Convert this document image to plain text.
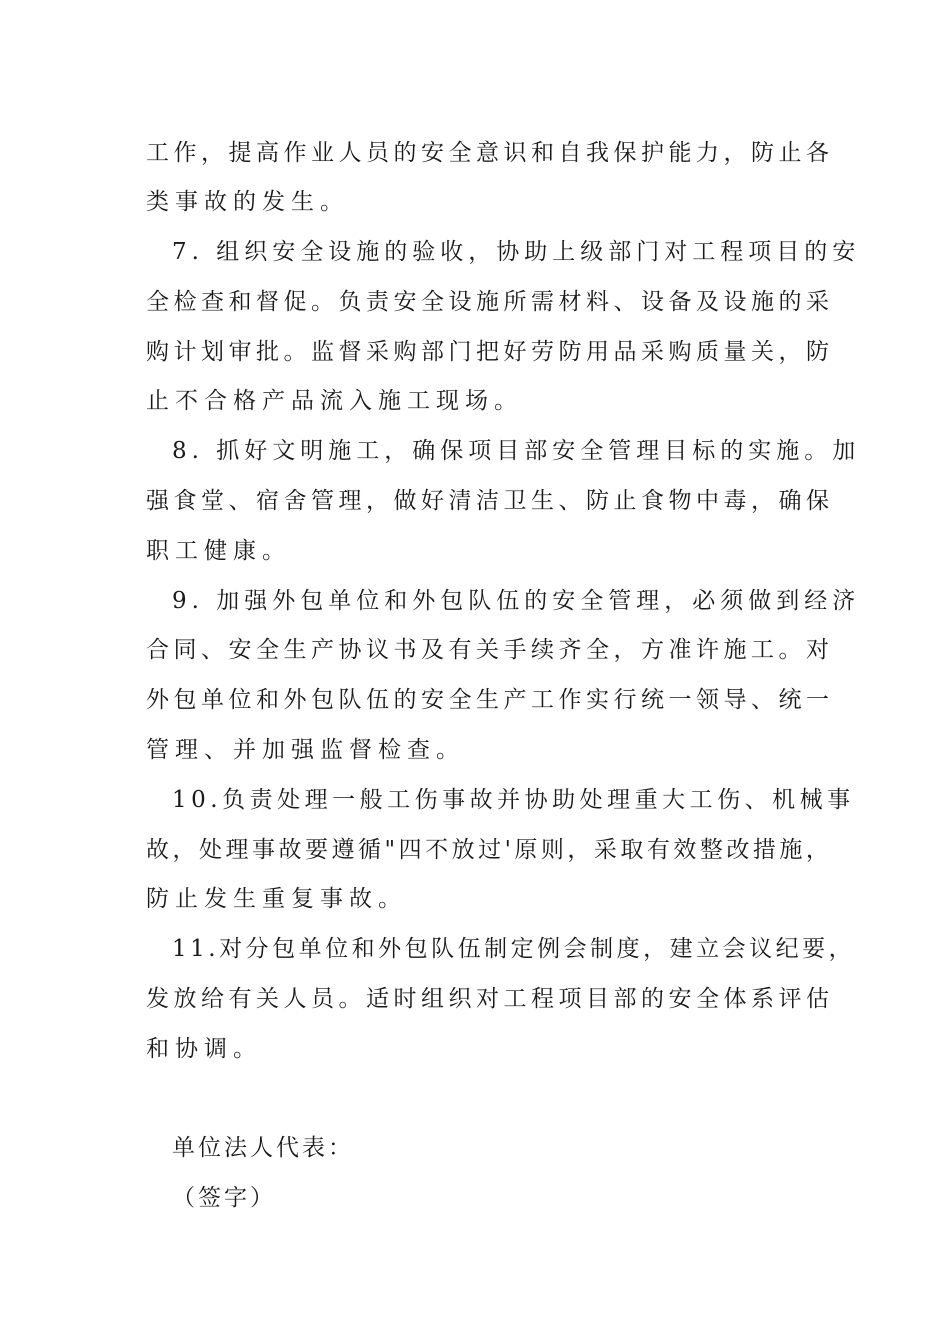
工作，提高作业人员的安全意识和自我保护能力，防止各
类事故的发生。
7. 组织安全设施的验收，协助上级部门对工程项目的安
全检查和督促。负责安全设施所需材料、设备及设施的采
购计划审批。监督采购部门把好劳防用品采购质量关，防
止不合格产品流入施工现场。
8. 抓好文明施工，确保项目部安全管理目标的实施。加
强食堂、宿舍管理，做好清洁卫生、防止食物中毒，确保
职工健康。
9. 加强外包单位和外包队伍的安全管理，必须做到经济
合同、安全生产协议书及有关手续齐全，方准许施工。对
外包单位和外包队伍的安全生产工作实行统一领导、统一
管理、并加强监督检查。
10.负责处理一般工伤事故并协助处理重大工伤、机械事
故，处理事故要遵循"四不放过'原则，采取有效整改措施，
防止发生重复事故。
11.对分包单位和外包队伍制定例会制度，建立会议纪要，
发放给有关人员。适时组织对工程项目部的安全体系评估
和协调。
单位法人代表：
（签字）
